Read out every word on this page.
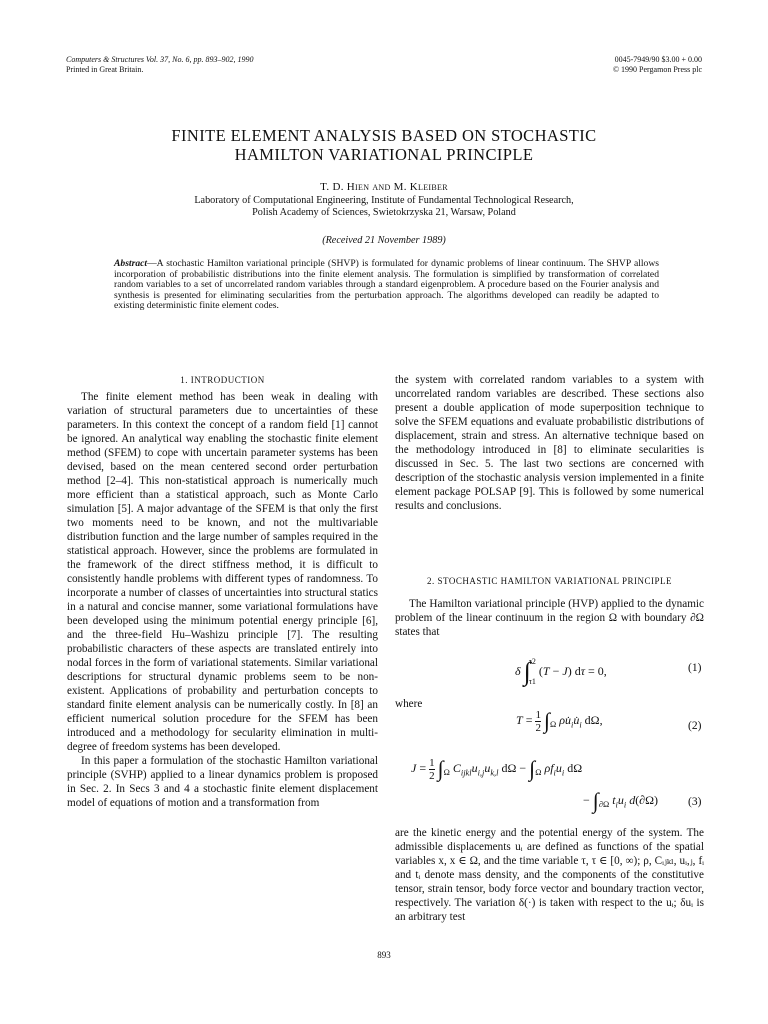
Computers & Structures Vol. 37, No. 6, pp. 893–902, 1990
Printed in Great Britain.
0045-7949/90 $3.00 + 0.00
© 1990 Pergamon Press plc
FINITE ELEMENT ANALYSIS BASED ON STOCHASTIC
HAMILTON VARIATIONAL PRINCIPLE
T. D. Hien and M. Kleiber
Laboratory of Computational Engineering, Institute of Fundamental Technological Research,
Polish Academy of Sciences, Swietokrzyska 21, Warsaw, Poland
(Received 21 November 1989)
Abstract—A stochastic Hamilton variational principle (SHVP) is formulated for dynamic problems of linear continuum. The SHVP allows incorporation of probabilistic distributions into the finite element analysis. The formulation is simplified by transformation of correlated random variables to a set of uncorrelated random variables through a standard eigenproblem. A procedure based on the Fourier analysis and synthesis is presented for eliminating secularities from the perturbation approach. The algorithms developed can readily be adapted to existing deterministic finite element codes.
1. INTRODUCTION

The finite element method has been weak in dealing with variation of structural parameters due to uncertainties of these parameters. In this context the concept of a random field [1] cannot be ignored. An analytical way enabling the stochastic finite element method (SFEM) to cope with uncertain parameter systems has been devised, based on the mean centered second order perturbation method [2–4]. This non-statistical approach is numerically much more efficient than a statistical approach, such as Monte Carlo simulation [5]. A major advantage of the SFEM is that only the first two moments need to be known, and not the multivariable distribution function and the large number of samples required in the statistical approach. However, since the problems are formulated in the framework of the direct stiffness method, it is difficult to consistently handle problems with different types of randomness. To incorporate a number of classes of uncertainties into structural statics in a natural and concise manner, some variational formulations have been developed using the minimum potential energy principle [6], and the three-field Hu–Washizu principle [7]. The resulting probabilistic characters of these aspects are translated entirely into nodal forces in the form of variational statements. Similar variational descriptions for structural dynamic problems seem to be non-existent. Applications of probability and perturbation concepts to standard finite element analysis can be numerically costly. In [8] an efficient numerical solution procedure for the SFEM has been introduced and a methodology for secularity elimination in multi-degree of freedom systems has been developed.

In this paper a formulation of the stochastic Hamilton variational principle (SVHP) applied to a linear dynamics problem is proposed in Sec. 2. In Secs 3 and 4 a stochastic finite element displacement model of equations of motion and a transformation from

the system with correlated random variables to a system with uncorrelated random variables are described. These sections also present a double application of mode superposition technique to solve the SFEM equations and evaluate probabilistic distributions of displacement, strain and stress. An alternative technique based on the methodology introduced in [8] to eliminate secularities is discussed in Sec. 5. The last two sections are concerned with description of the stochastic analysis version implemented in a finite element package POLSAP [9]. This is followed by some numerical results and conclusions.

2. STOCHASTIC HAMILTON VARIATIONAL PRINCIPLE

The Hamilton variational principle (HVP) applied to the dynamic problem of the linear continuum in the region Ω with boundary ∂Ω states that

δ ∫
τ2
τ1
(T − J) dτ = 0,	(1)
where
$T = \frac{1}{2} \int_\Omega$ $\rho u̇_iu̇_i$ dΩ,	(2)
$J = \frac{1}{2} \int_\Omega$ $C_{ijkl}u_{i,j}u_{k,l}$ $d\Omega - \int_\Omega$ $\rho f_iu_i$ dΩ
− $\int_{\partial\Omega}$ $t_iu_i$ d(∂Ω)	(3)

are the kinetic energy and the potential energy of the system. The admissible displacements uᵢ are defined as functions of the spatial variables x, x ∈ Ω, and the time variable τ, τ ∈ [0, ∞); ρ, Cᵢⱼₖₗ, uᵢ,ⱼ, fᵢ and tᵢ denote mass density, and the components of the constitutive tensor, strain tensor, body force vector and boundary traction vector, respectively. The variation δ(·) is taken with respect to the uᵢ; δuᵢ is an arbitrary test

893
